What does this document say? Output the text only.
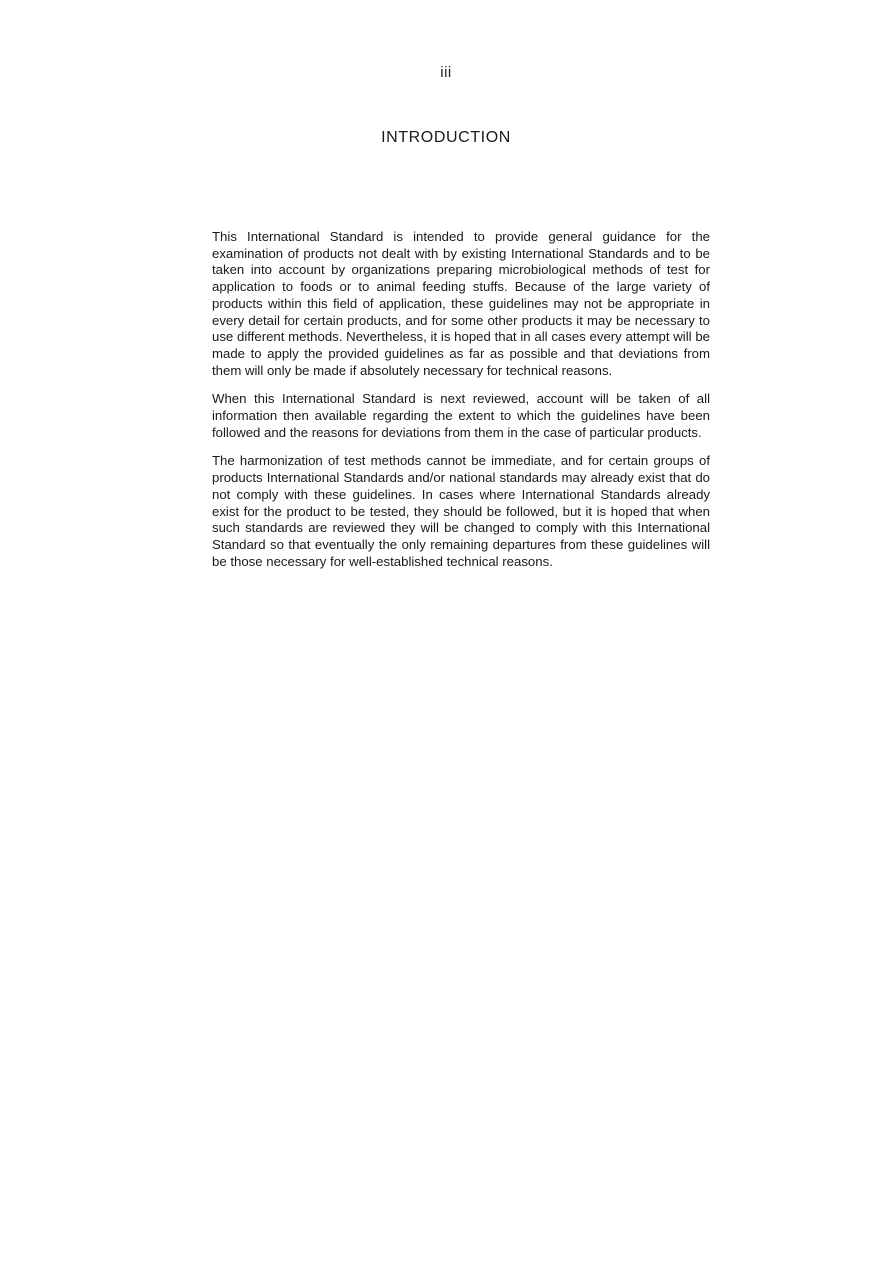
iii
INTRODUCTION

This International Standard is intended to provide general guidance for the examination of products not dealt with by existing International Standards and to be taken into account by organizations preparing microbiological methods of test for application to foods or to animal feeding stuffs. Because of the large variety of products within this field of application, these guidelines may not be appropriate in every detail for certain products, and for some other products it may be necessary to use different methods. Nevertheless, it is hoped that in all cases every attempt will be made to apply the provided guidelines as far as possible and that deviations from them will only be made if absolutely necessary for technical reasons.

When this International Standard is next reviewed, account will be taken of all information then available regarding the extent to which the guidelines have been followed and the reasons for deviations from them in the case of particular products.

The harmonization of test methods cannot be immediate, and for certain groups of products International Standards and/or national standards may already exist that do not comply with these guidelines. In cases where International Standards already exist for the product to be tested, they should be followed, but it is hoped that when such standards are reviewed they will be changed to comply with this International Standard so that eventually the only remaining departures from these guidelines will be those necessary for well-established technical reasons.
